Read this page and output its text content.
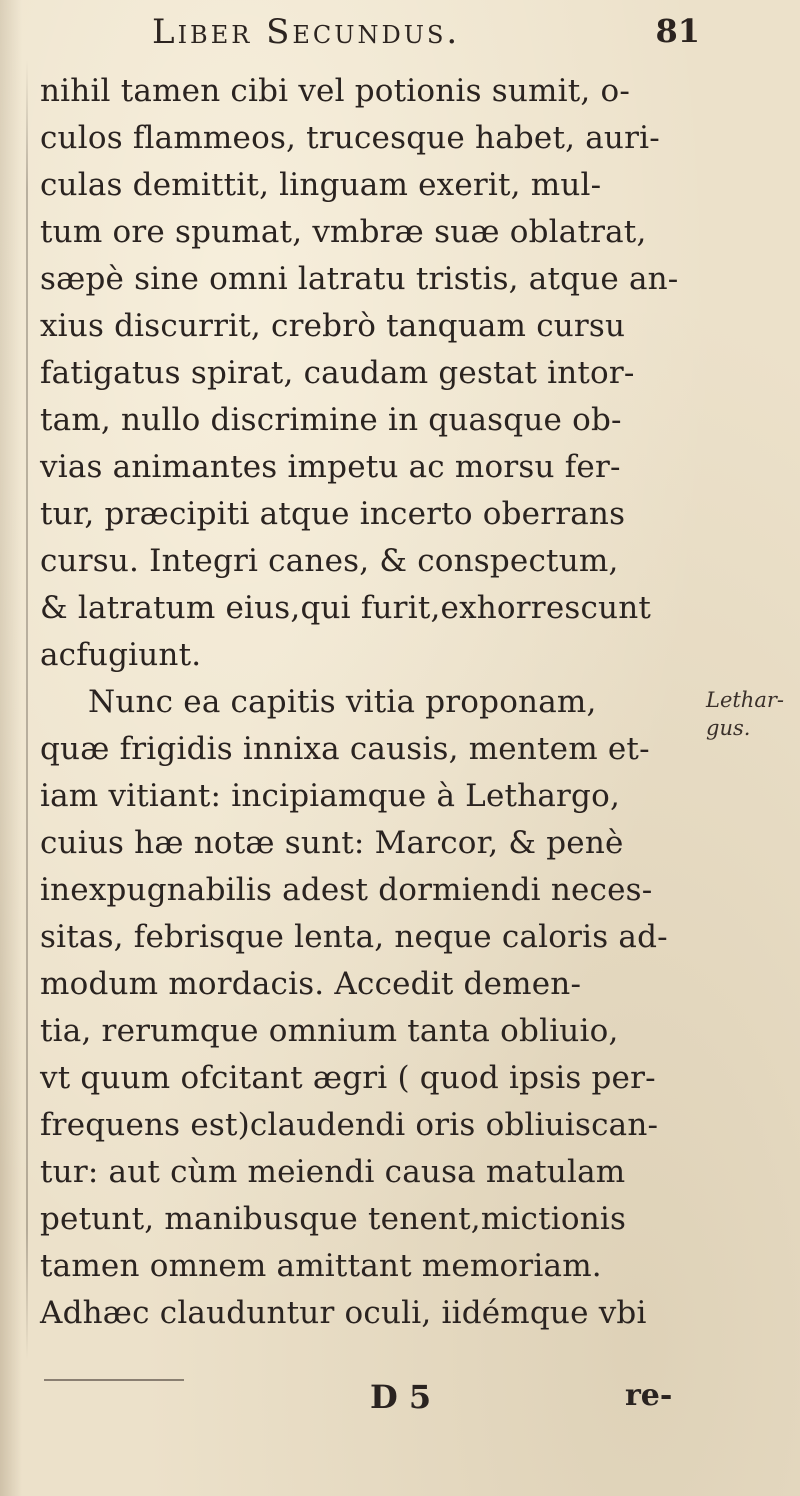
Liber Secundus.	81
nihil tamen cibi vel potionis sumit, o-
culos flammeos, trucesque habet, auri-
culas demittit, linguam exerit, mul-
tum ore spumat, vmbræ suæ oblatrat,
sæpè sine omni latratu tristis, atque an-
xius discurrit, crebrò tanquam cursu
fatigatus spirat, caudam gestat intor-
tam, nullo discrimine in quasque ob-
vias animantes impetu ac morsu fer-
tur, præcipiti atque incerto oberrans
cursu. Integri canes, & conspectum,
& latratum eius,qui furit,exhorrescunt
acfugiunt.
Nunc ea capitis vitia proponam,
quæ frigidis innixa causis, mentem et-
iam vitiant: incipiamque à Lethargo,
cuius hæ notæ sunt: Marcor, & penè
inexpugnabilis adest dormiendi neces-
sitas, febrisque lenta, neque caloris ad-
modum mordacis. Accedit demen-
tia, rerumque omnium tanta obliuio,
vt quum ofcitant ægri ( quod ipsis per-
frequens est)claudendi oris obliuiscan-
tur: aut cùm meiendi causa matulam
petunt, manibusque tenent,mictionis
tamen omnem amittant memoriam.
Adhæc clauduntur oculi, iidémque vbi
Lethar-
gus.
D 5	re-
